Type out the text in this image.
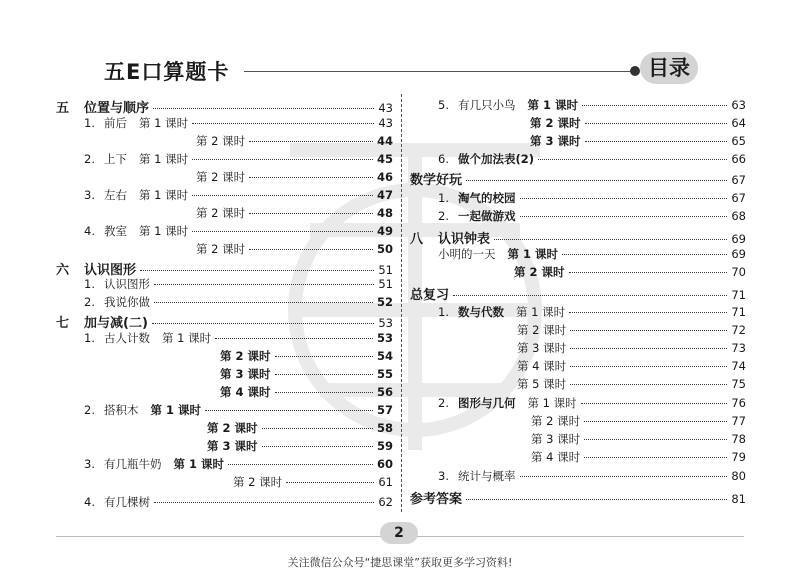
五E口算题卡	目录
五 位置与顺序	43
1. 前后 第 1 课时	43
第 2 课时	44
2. 上下 第 1 课时	45
第 2 课时	46
3. 左右 第 1 课时	47
第 2 课时	48
4. 教室 第 1 课时	49
第 2 课时	50
六 认识图形	51
1. 认识图形	51
2. 我说你做	52
七 加与减(二)	53
1. 古人计数 第 1 课时	53
第 2 课时	54
第 3 课时	55
第 4 课时	56
2. 搭积木 第 1 课时	57
第 2 课时	58
第 3 课时	59
3. 有几瓶牛奶 第 1 课时	60
第 2 课时	61
4. 有几棵树	62
5. 有几只小鸟 第 1 课时	63
第 2 课时	64
第 3 课时	65
6. 做个加法表(2)	66
数学好玩	67
1. 淘气的校园	67
2. 一起做游戏	68
八 认识钟表	69
小明的一天 第 1 课时	69
第 2 课时	70
总复习	71
1. 数与代数 第 1 课时	71
第 2 课时	72
第 3 课时	73
第 4 课时	74
第 5 课时	75
2. 图形与几何 第 1 课时	76
第 2 课时	77
第 3 课时	78
第 4 课时	79
3. 统计与概率	80
参考答案	81
2
关注微信公众号“捷思课堂”获取更多学习资料!
